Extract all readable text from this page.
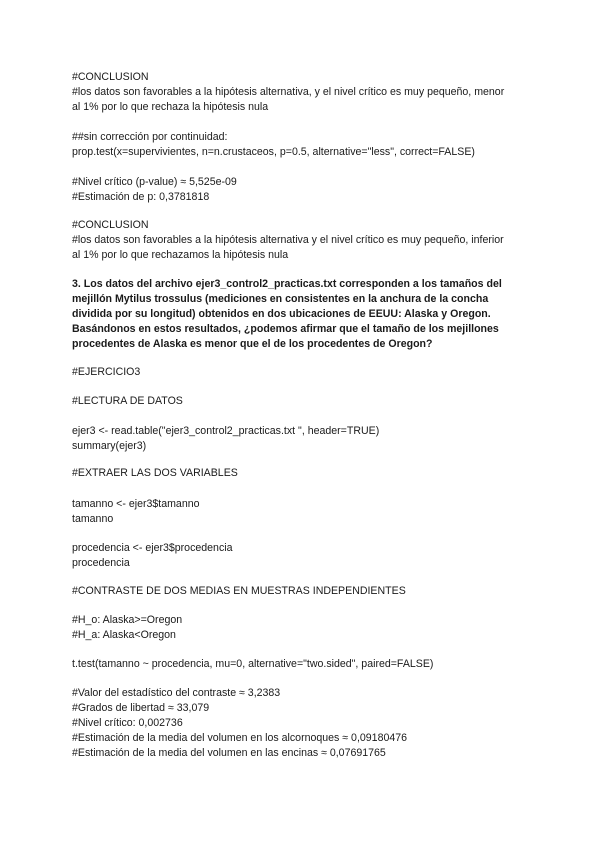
#CONCLUSION
#los datos son favorables a la hipótesis alternativa, y el nivel crítico es muy pequeño, menor
al 1% por lo que rechaza la hipótesis nula
##sin corrección por continuidad:
prop.test(x=supervivientes, n=n.crustaceos, p=0.5, alternative="less", correct=FALSE)
#Nivel crítico (p-value) ≈ 5,525e-09
#Estimación de p: 0,3781818
#CONCLUSION
#los datos son favorables a la hipótesis alternativa y el nivel crítico es muy pequeño, inferior
al 1% por lo que rechazamos la hipótesis nula
3. Los datos del archivo ejer3_control2_practicas.txt corresponden a los tamaños del
mejillón Mytilus trossulus (mediciones en consistentes en la anchura de la concha
dividida por su longitud) obtenidos en dos ubicaciones de EEUU: Alaska y Oregon.
Basándonos en estos resultados, ¿podemos afirmar que el tamaño de los mejillones
procedentes de Alaska es menor que el de los procedentes de Oregon?
#EJERCICIO3
#LECTURA DE DATOS
ejer3 <- read.table("ejer3_control2_practicas.txt ", header=TRUE)
summary(ejer3)
#EXTRAER LAS DOS VARIABLES
tamanno <- ejer3$tamanno
tamanno
procedencia <- ejer3$procedencia
procedencia
#CONTRASTE DE DOS MEDIAS EN MUESTRAS INDEPENDIENTES
#H_o: Alaska>=Oregon
#H_a: Alaska<Oregon
t.test(tamanno ~ procedencia, mu=0, alternative="two.sided", paired=FALSE)
#Valor del estadístico del contraste ≈ 3,2383
#Grados de libertad ≈ 33,079
#Nivel crítico: 0,002736
#Estimación de la media del volumen en los alcornoques ≈ 0,09180476
#Estimación de la media del volumen en las encinas ≈ 0,07691765
